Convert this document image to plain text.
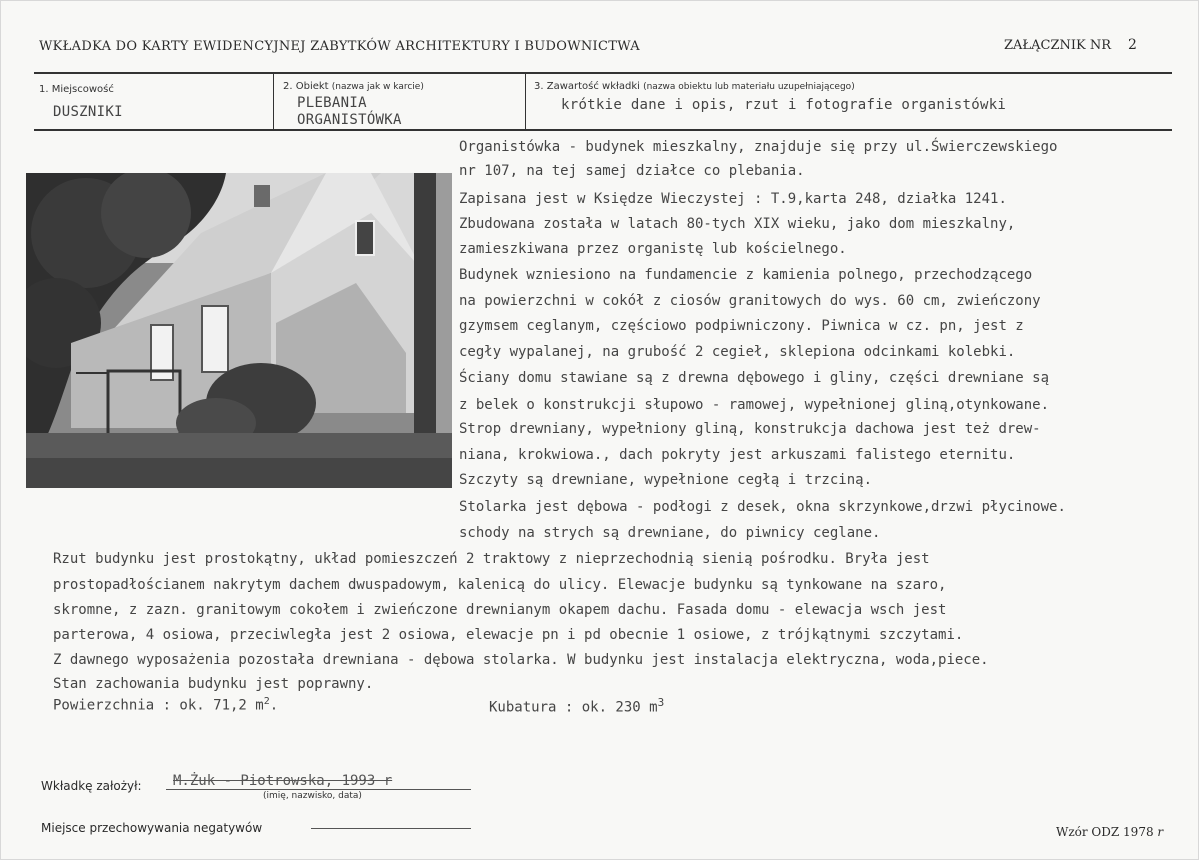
WKŁADKA DO KARTY EWIDENCYJNEJ ZABYTKÓW ARCHITEKTURY I BUDOWNICTWA	ZAŁĄCZNIK NR 2
1. Miejscowość
DUSZNIKI
2. Obiekt (nazwa jak w karcie)
PLEBANIA
ORGANISTÓWKA
3. Zawartość wkładki (nazwa obiektu lub materiału uzupełniającego)
krótkie dane i opis, rzut i fotografie organistówki
Organistówka - budynek mieszkalny, znajduje się przy ul.Świerczewskiego
nr 107, na tej samej działce co plebania.
Zapisana jest w Księdze Wieczystej : T.9,karta 248, działka 1241.
Zbudowana została w latach 80-tych XIX wieku, jako dom mieszkalny,
zamieszkiwana przez organistę lub kościelnego.
Budynek wzniesiono na fundamencie z kamienia polnego, przechodzącego
na powierzchni w cokół z ciosów granitowych do wys. 60 cm, zwieńczony
gzymsem ceglanym, częściowo podpiwniczony. Piwnica w cz. pn, jest z
cegły wypalanej, na grubość 2 cegieł, sklepiona odcinkami kolebki.
Ściany domu stawiane są z drewna dębowego i gliny, części drewniane są
z belek o konstrukcji słupowo - ramowej, wypełnionej gliną,otynkowane.
Strop drewniany, wypełniony gliną, konstrukcja dachowa jest też drew-
niana, krokwiowa., dach pokryty jest arkuszami falistego eternitu.
Szczyty są drewniane, wypełnione cegłą i trzciną.
Stolarka jest dębowa - podłogi z desek, okna skrzynkowe,drzwi płycinowe.
schody na strych są drewniane, do piwnicy ceglane.
Rzut budynku jest prostokątny, układ pomieszczeń 2 traktowy z nieprzechodnią sienią pośrodku. Bryła jest
prostopadłościanem nakrytym dachem dwuspadowym, kalenicą do ulicy. Elewacje budynku są tynkowane na szaro,
skromne, z zazn. granitowym cokołem i zwieńczone drewnianym okapem dachu. Fasada domu - elewacja wsch jest
parterowa, 4 osiowa, przeciwległa jest 2 osiowa, elewacje pn i pd obecnie 1 osiowe, z trójkątnymi szczytami.
Z dawnego wyposażenia pozostała drewniana - dębowa stolarka. W budynku jest instalacja elektryczna, woda,piece.
Stan zachowania budynku jest poprawny.
Powierzchnia : ok. 71,2 $m^2$.	Kubatura : ok. 230 $m^3$
Wkładkę założył: M.Żuk - Piotrowska, 1993 r
(imię, nazwisko, data)
Miejsce przechowywania negatywów	Wzór ODZ 1978 r
